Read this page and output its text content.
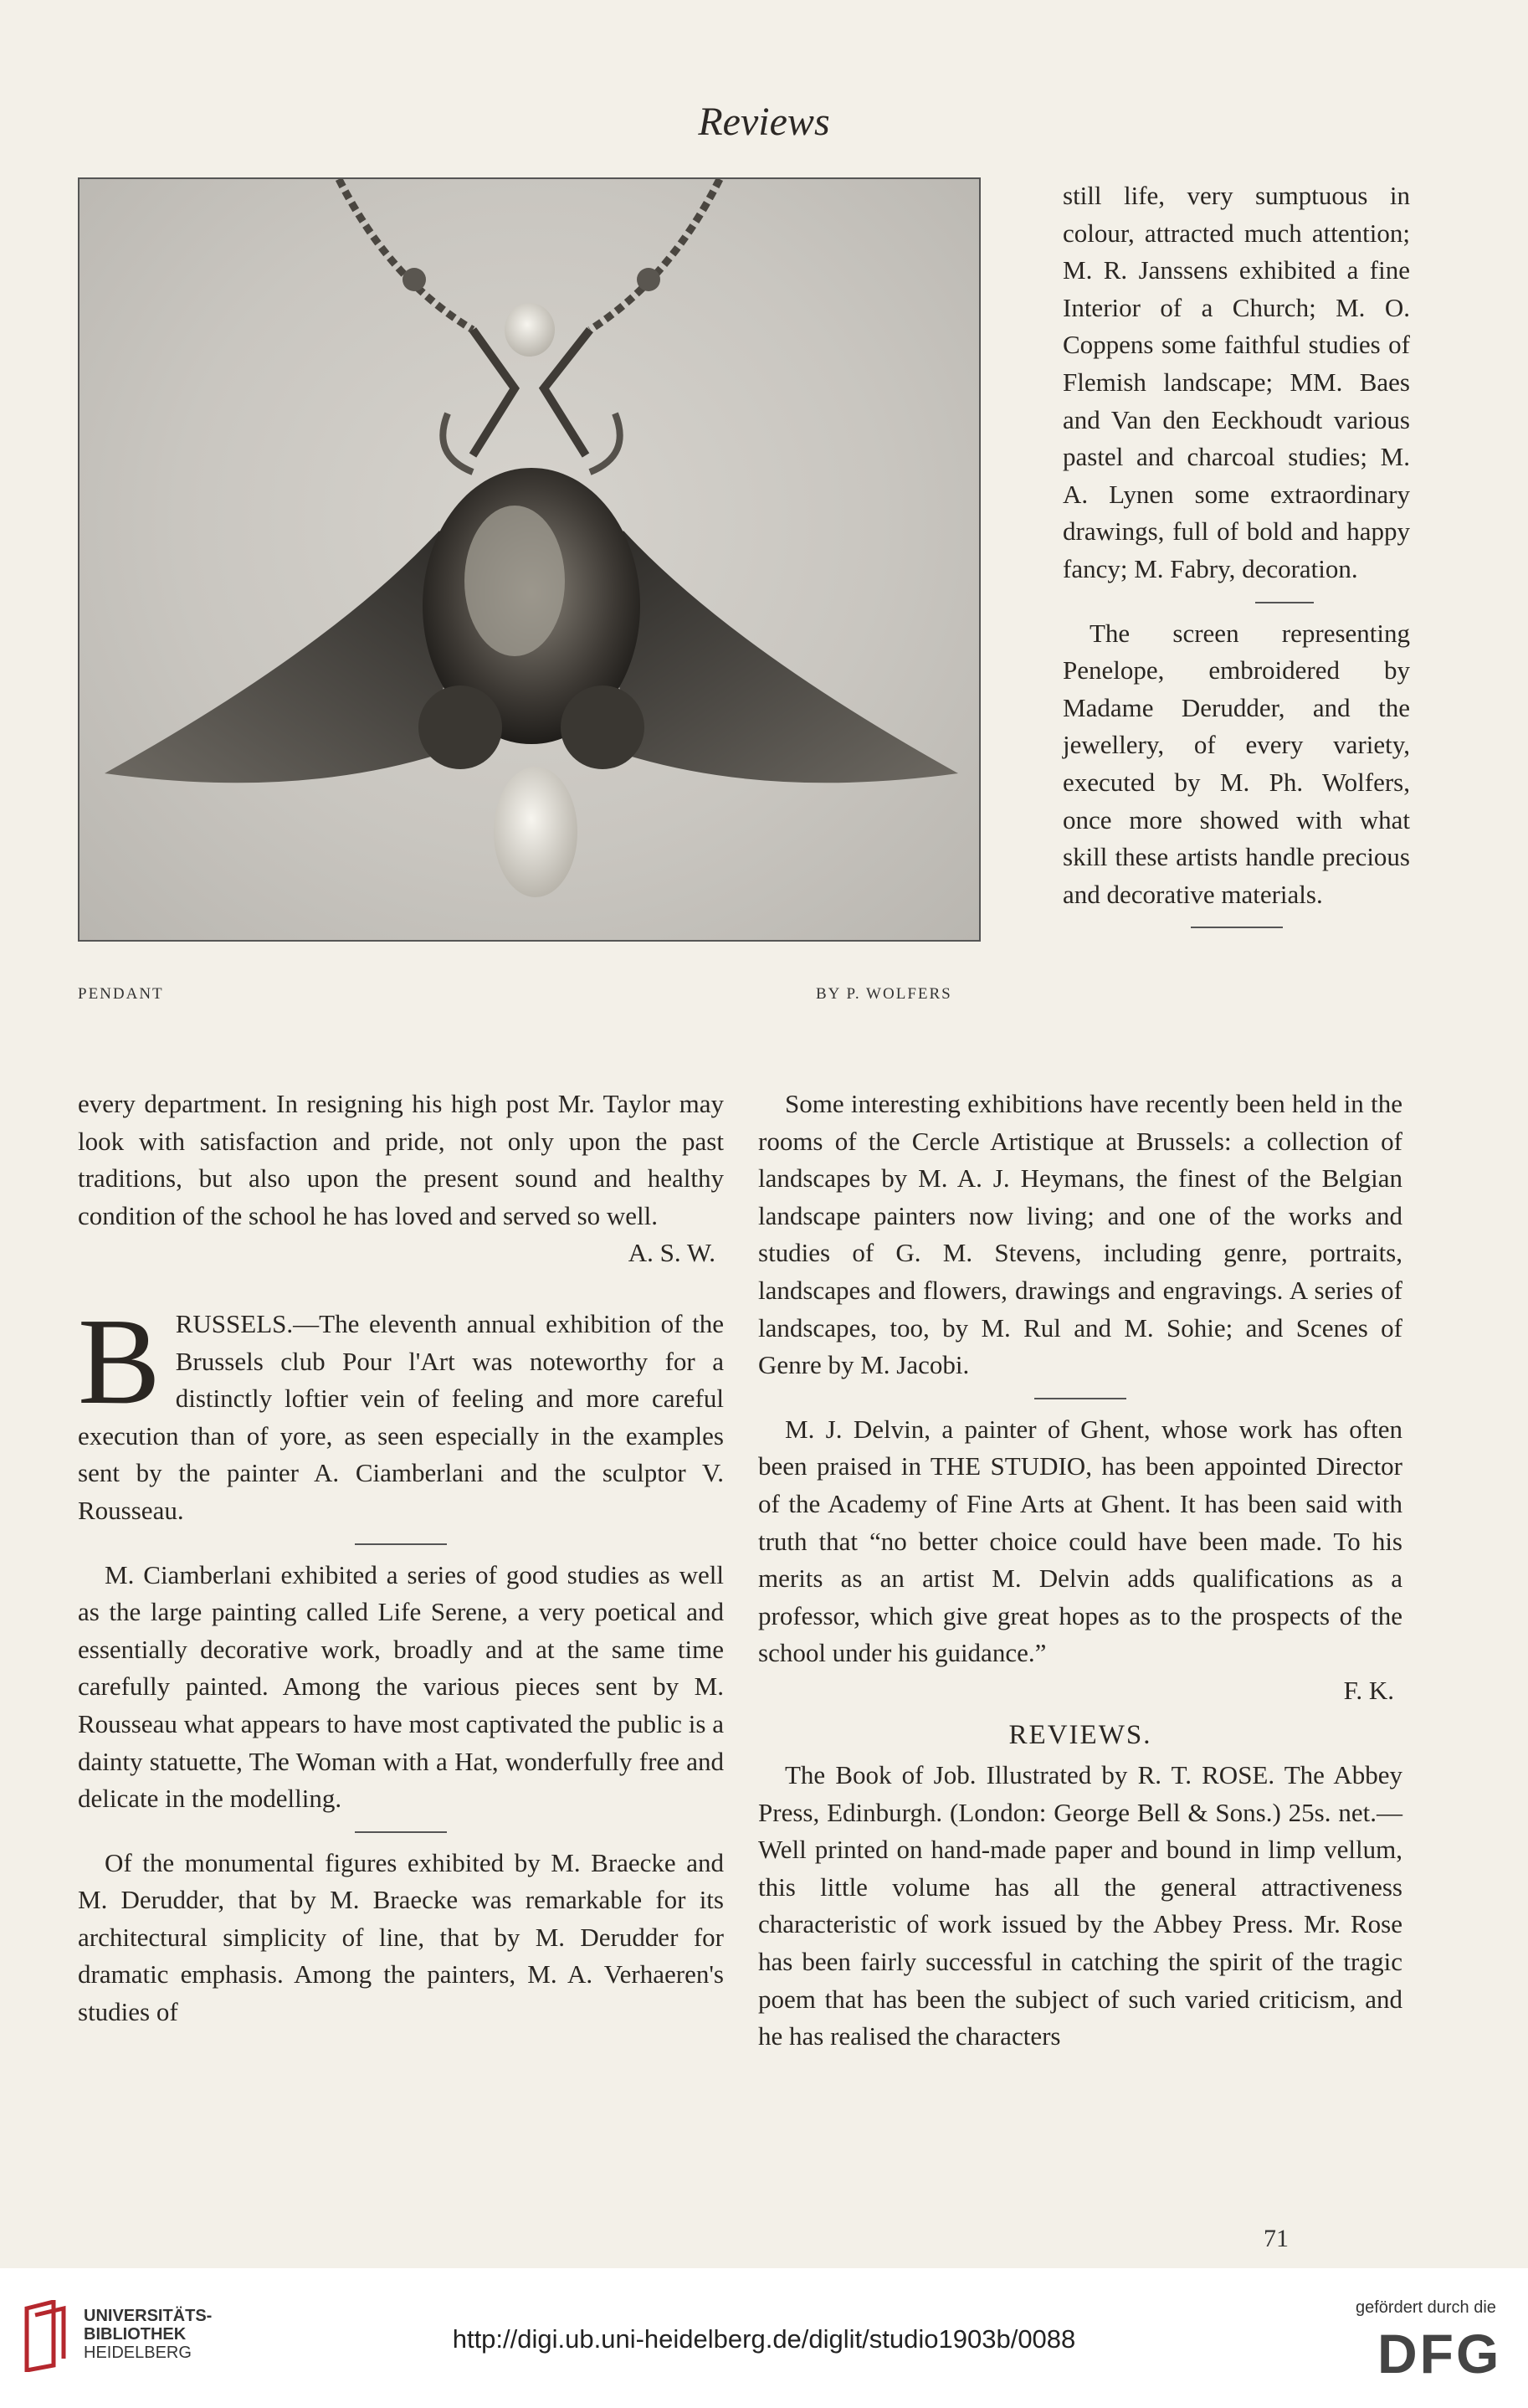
Reviews
PENDANT	BY P. WOLFERS

still life, very sumptuous in colour, attracted much attention; M. R. Janssens exhibited a fine Interior of a Church; M. O. Coppens some faithful studies of Flemish landscape; MM. Baes and Van den Eeckhoudt various pastel and charcoal studies; M. A. Lynen some extraordinary drawings, full of bold and happy fancy; M. Fabry, decoration.

The screen representing Penelope, embroidered by Madame Derudder, and the jewellery, of every variety, executed by M. Ph. Wolfers, once more showed with what skill these artists handle precious and decorative materials.

every department. In resigning his high post Mr. Taylor may look with satisfaction and pride, not only upon the past traditions, but also upon the present sound and healthy condition of the school he has loved and served so well.

A. S. W.

BRUSSELS.—The eleventh annual exhibition of the Brussels club Pour l'Art was noteworthy for a distinctly loftier vein of feeling and more careful execution than of yore, as seen especially in the examples sent by the painter A. Ciamberlani and the sculptor V. Rousseau.

M. Ciamberlani exhibited a series of good studies as well as the large painting called Life Serene, a very poetical and essentially decorative work, broadly and at the same time carefully painted. Among the various pieces sent by M. Rousseau what appears to have most captivated the public is a dainty statuette, The Woman with a Hat, wonderfully free and delicate in the modelling.

Of the monumental figures exhibited by M. Braecke and M. Derudder, that by M. Braecke was remarkable for its architectural simplicity of line, that by M. Derudder for dramatic emphasis. Among the painters, M. A. Verhaeren's studies of

Some interesting exhibitions have recently been held in the rooms of the Cercle Artistique at Brussels: a collection of landscapes by M. A. J. Heymans, the finest of the Belgian landscape painters now living; and one of the works and studies of G. M. Stevens, including genre, portraits, landscapes and flowers, drawings and engravings. A series of landscapes, too, by M. Rul and M. Sohie; and Scenes of Genre by M. Jacobi.

M. J. Delvin, a painter of Ghent, whose work has often been praised in THE STUDIO, has been appointed Director of the Academy of Fine Arts at Ghent. It has been said with truth that “no better choice could have been made. To his merits as an artist M. Delvin adds qualifications as a professor, which give great hopes as to the prospects of the school under his guidance.”

F. K.
REVIEWS.

The Book of Job. Illustrated by R. T. ROSE. The Abbey Press, Edinburgh. (London: George Bell & Sons.) 25s. net.—Well printed on hand-made paper and bound in limp vellum, this little volume has all the general attractiveness characteristic of work issued by the Abbey Press. Mr. Rose has been fairly successful in catching the spirit of the tragic poem that has been the subject of such varied criticism, and he has realised the characters

71
UNIVERSITÄTS-
BIBLIOTHEK
HEIDELBERG	http://digi.ub.uni-heidelberg.de/diglit/studio1903b/0088
gefördert durch die
DFG
